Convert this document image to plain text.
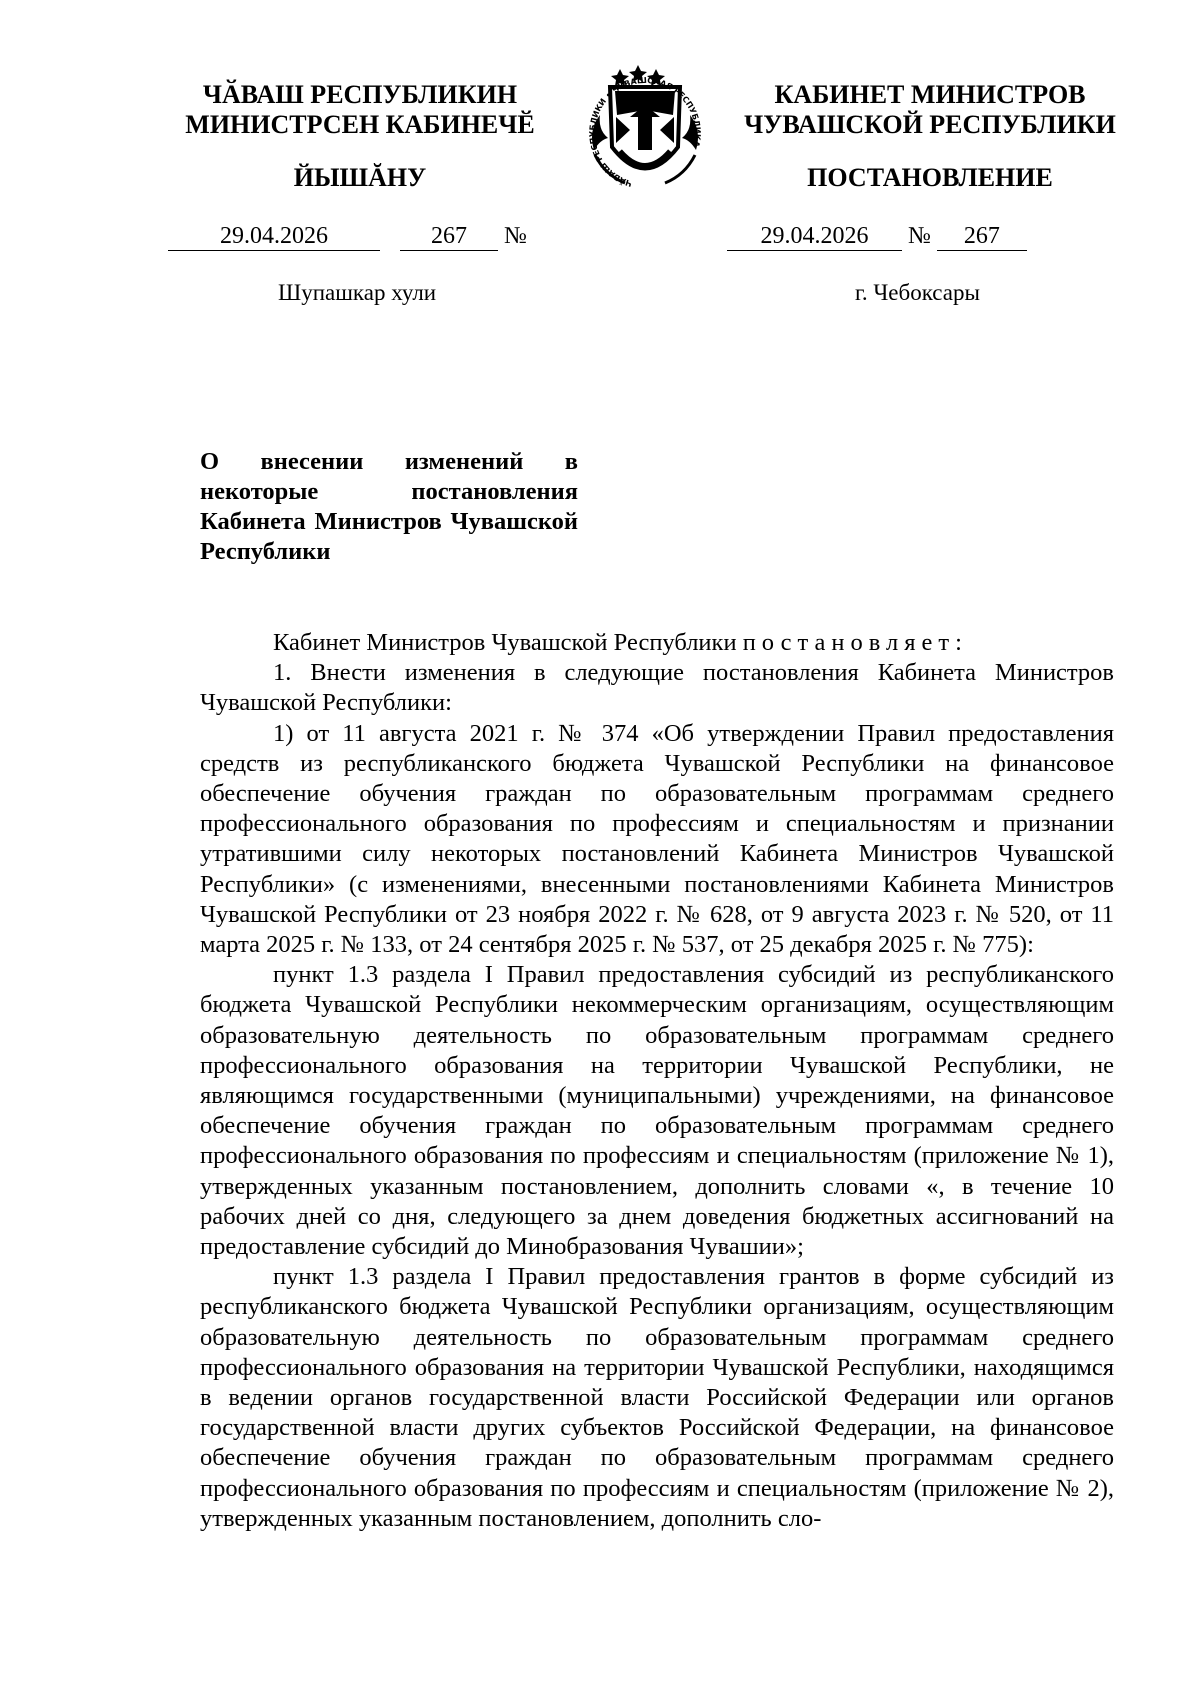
ЧӐВАШ РЕСПУБЛИКИН
МИНИСТРСЕН КАБИНЕЧӖ
ЙЫШĂНУ
КАБИНЕТ МИНИСТРОВ
ЧУВАШСКОЙ РЕСПУБЛИКИ
ПОСТАНОВЛЕНИЕ
ЧӐВАШ РЕСПУБЛИКИ • ЧУВАШСКАЯ РЕСПУБЛИКА
29.04.2026	267 №	29.04.2026 № 267
Шупашкар хули	г. Чебоксары
О внесении изменений в некоторые постановления Кабинета Министров Чувашской Республики

Кабинет Министров Чувашской Республики постановляет:

1. Внести изменения в следующие постановления Кабинета Министров Чувашской Республики:

1) от 11 августа 2021 г. № 374 «Об утверждении Правил предоставления средств из республиканского бюджета Чувашской Республики на финансовое обеспечение обучения граждан по образовательным программам среднего профессионального образования по профессиям и специальностям и признании утратившими силу некоторых постановлений Кабинета Министров Чувашской Республики» (с изменениями, внесенными постановлениями Кабинета Министров Чувашской Республики от 23 ноября 2022 г. № 628, от 9 августа 2023 г. № 520, от 11 марта 2025 г. № 133, от 24 сентября 2025 г. № 537, от 25 декабря 2025 г. № 775):

пункт 1.3 раздела I Правил предоставления субсидий из республиканского бюджета Чувашской Республики некоммерческим организациям, осуществляющим образовательную деятельность по образовательным программам среднего профессионального образования на территории Чувашской Республики, не являющимся государственными (муниципальными) учреждениями, на финансовое обеспечение обучения граждан по образовательным программам среднего профессионального образования по профессиям и специальностям (приложение № 1), утвержденных указанным постановлением, дополнить словами «, в течение 10 рабочих дней со дня, следующего за днем доведения бюджетных ассигнований на предоставление субсидий до Минобразования Чувашии»;

пункт 1.3 раздела I Правил предоставления грантов в форме субсидий из республиканского бюджета Чувашской Республики организациям, осуществляющим образовательную деятельность по образовательным программам среднего профессионального образования на территории Чувашской Республики, находящимся в ведении органов государственной власти Российской Федерации или органов государственной власти других субъектов Российской Федерации, на финансовое обеспечение обучения граждан по образовательным программам среднего профессионального образования по профессиям и специальностям (приложение № 2), утвержденных указанным постановлением, дополнить сло-
